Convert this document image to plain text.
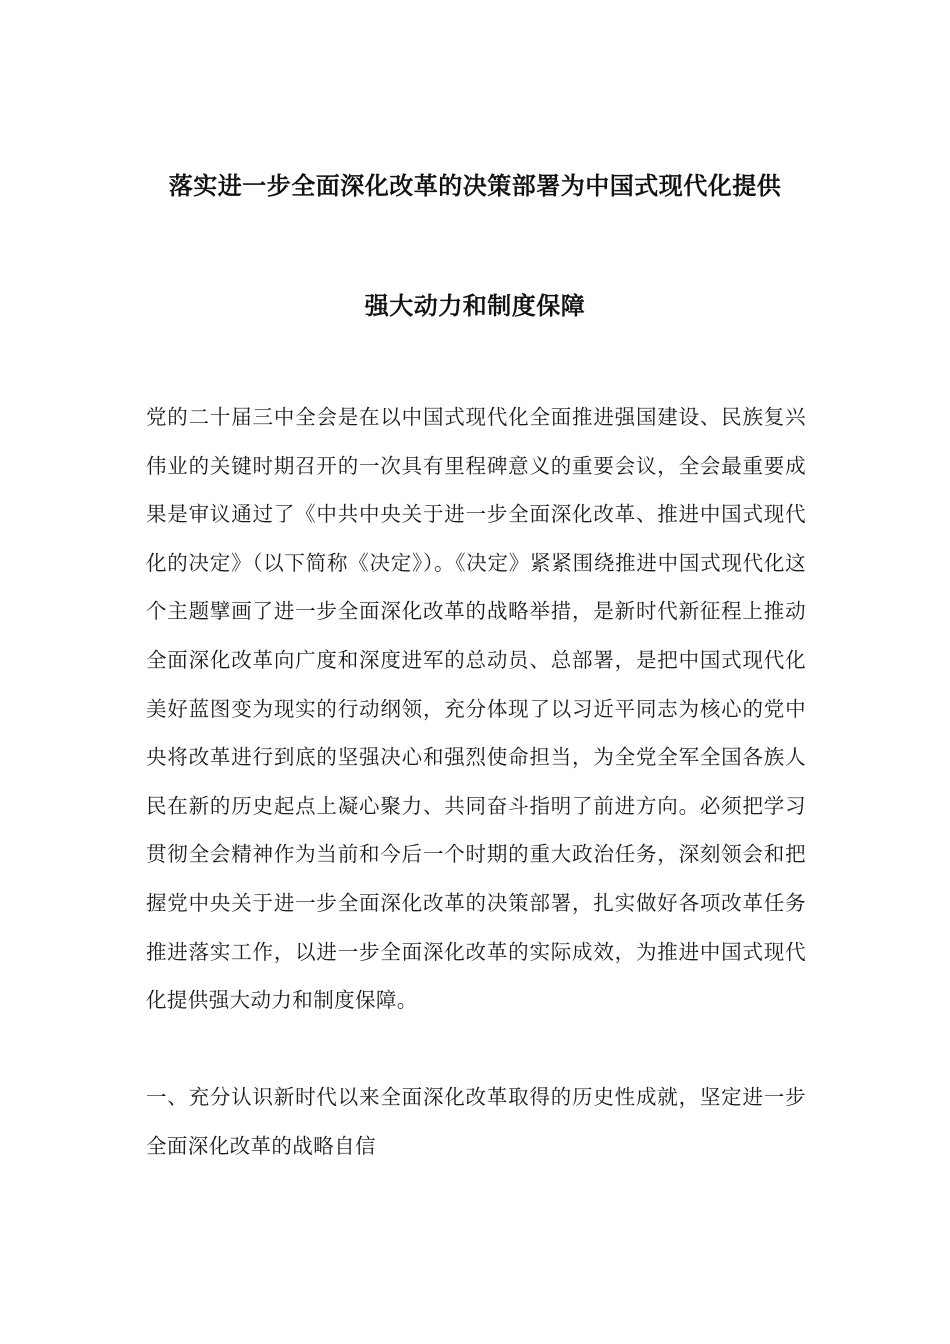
落实进一步全面深化改革的决策部署为中国式现代化提供
强大动力和制度保障
党的二十届三中全会是在以中国式现代化全面推进强国建设、民族复兴伟业的关键时期召开的一次具有里程碑意义的重要会议，全会最重要成果是审议通过了《中共中央关于进一步全面深化改革、推进中国式现代化的决定》（以下简称《决定》）。《决定》紧紧围绕推进中国式现代化这个主题擘画了进一步全面深化改革的战略举措，是新时代新征程上推动全面深化改革向广度和深度进军的总动员、总部署，是把中国式现代化美好蓝图变为现实的行动纲领，充分体现了以习近平同志为核心的党中央将改革进行到底的坚强决心和强烈使命担当，为全党全军全国各族人民在新的历史起点上凝心聚力、共同奋斗指明了前进方向。必须把学习贯彻全会精神作为当前和今后一个时期的重大政治任务，深刻领会和把握党中央关于进一步全面深化改革的决策部署，扎实做好各项改革任务推进落实工作，以进一步全面深化改革的实际成效，为推进中国式现代化提供强大动力和制度保障。
一、充分认识新时代以来全面深化改革取得的历史性成就，坚定进一步全面深化改革的战略自信
